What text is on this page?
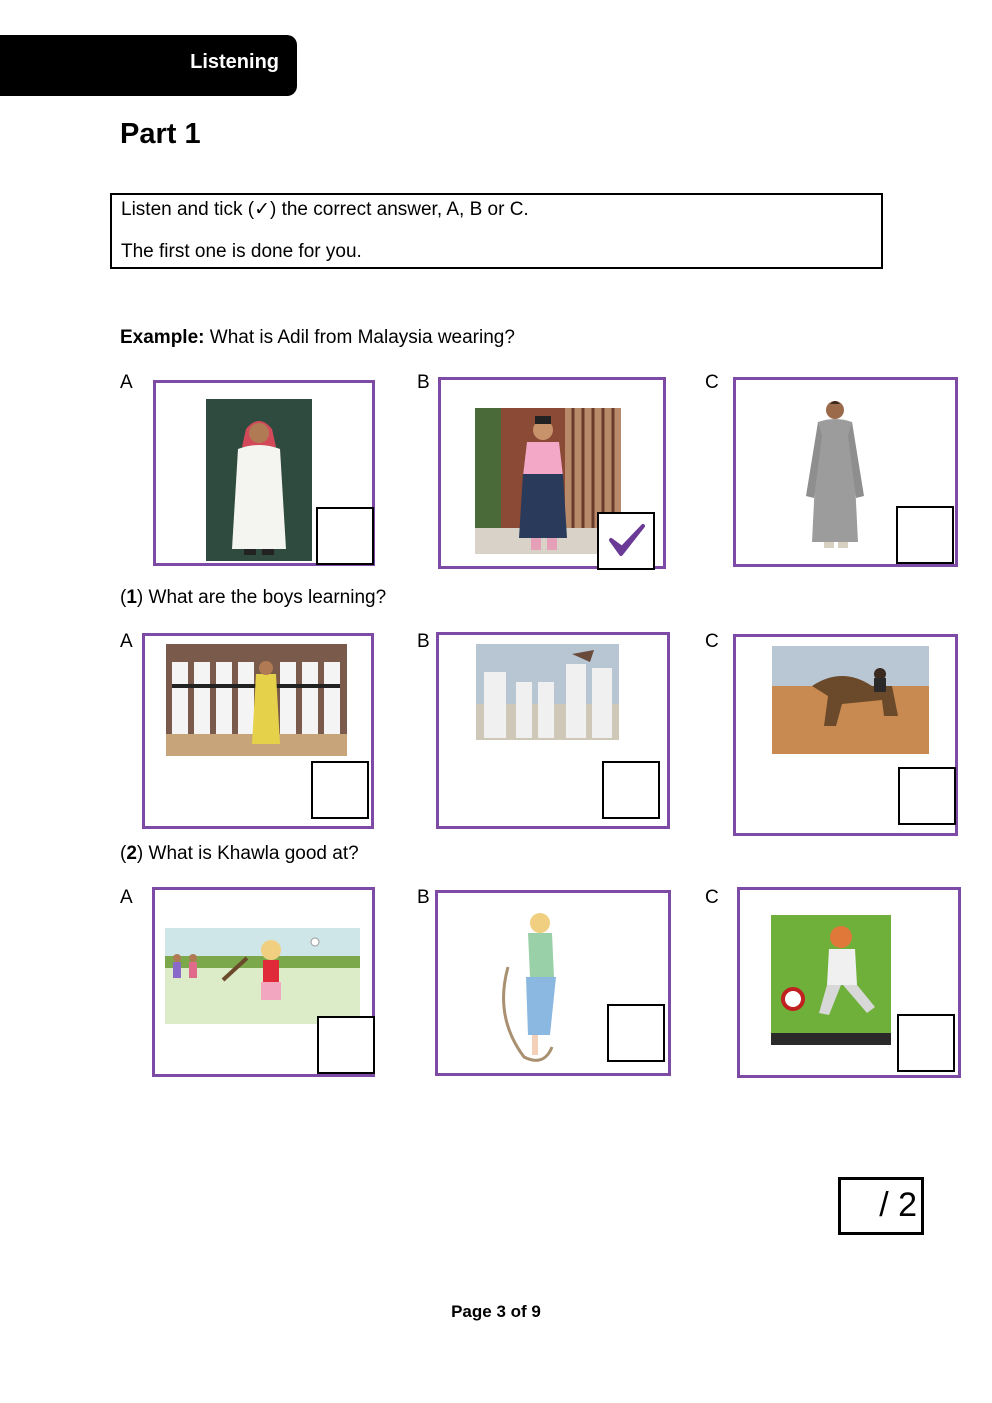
Listening
Part 1
Listen and tick (✓) the correct answer, A, B or C.
The first one is done for you.
Example: What is Adil from Malaysia wearing?
A	B	C
(1) What are the boys learning?
A	B	C
(2) What is Khawla good at?
A	B	C
/ 2
Page 3 of 9
